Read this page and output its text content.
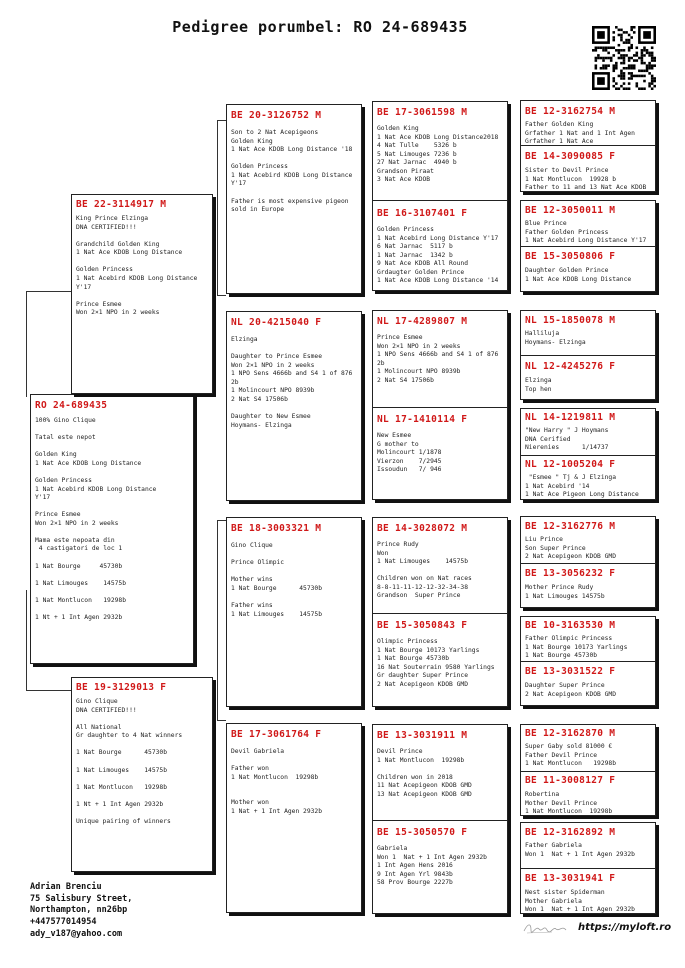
Pedigree porumbel: RO 24-689435
RO 24-689435
100% Gino Clique

Tatal este nepot

Golden King
1 Nat Ace KDOB Long Distance

Golden Princess
1 Nat Acebird KDOB Long Distance
Y'17

Prince Esmee
Won 2×1 NPO in 2 weeks

Mama este nepoata din
4 castigatori de loc 1

1 Nat Bourge     45730b

1 Nat Limouges    14575b

1 Nat Montlucon   19298b

1 Nt + 1 Int Agen 2932b
BE 22-3114917 M
King Prince Elzinga
DNA CERTIFIED!!!

Grandchild Golden King
1 Nat Ace KDOB Long Distance

Golden Princess
1 Nat Acebird KDOB Long Distance
Y'17

Prince Esmee
Won 2×1 NPO in 2 weeks
BE 19-3129013 F
Gino Clique
DNA CERTIFIED!!!

All National
Gr daughter to 4 Nat winners

1 Nat Bourge      45730b

1 Nat Limouges    14575b

1 Nat Montlucon   19298b

1 Nt + 1 Int Agen 2932b

Unique pairing of winners
BE 20-3126752 M
Son to 2 Nat Acepigeons
Golden King
1 Nat Ace KDOB Long Distance '18

Golden Princess
1 Nat Acebird KDOB Long Distance
Y'17

Father is most expensive pigeon
sold in Europe
NL 20-4215040 F
Elzinga

Daughter to Prince Esmee
Won 2×1 NPO in 2 weeks
1 NPO Sens 4666b and S4 1 of 876
2b
1 Molincourt NPO 8939b
2 Nat S4 17506b

Daughter to New Esmee
Hoymans- Elzinga
BE 18-3003321 M
Gino Clique

Prince Olimpic

Mother wins
1 Nat Bourge      45730b

Father wins
1 Nat Limouges    14575b
BE 17-3061764 F
Devil Gabriela

Father won
1 Nat Montlucon  19298b

Mother won
1 Nat + 1 Int Agen 2932b
BE 17-3061598 M
Golden King
1 Nat Ace KDOB Long Distance2018
4 Nat Tulle    5326 b
5 Nat Limouges 7236 b
27 Nat Jarnac  4940 b
Grandson Piraat
3 Nat Ace KDOB
BE 16-3107401 F
Golden Princess
1 Nat Acebird Long Distance Y'17
6 Nat Jarnac  5117 b
1 Nat Jarnac  1342 b
9 Nat Ace KDOB All Round
Grdaugter Golden Prince
1 Nat Ace KDOB Long Distance '14
NL 17-4289807 M
Prince Esmee
Won 2×1 NPO in 2 weeks
1 NPO Sens 4666b and S4 1 of 876
2b
1 Molincourt NPO 8939b
2 Nat S4 17506b
NL 17-1410114 F
New Esmee
G mother to
Molincourt 1/1878
Vierzon    7/2945
Issoudun   7/ 946
BE 14-3028072 M
Prince Rudy
Won
1 Nat Limouges    14575b

Children won on Nat races
8-8-11-11-12-12-32-34-38
Grandson  Super Prince
BE 15-3050843 F
Olimpic Princess
1 Nat Bourge 10173 Yarlings
1 Nat Bourge 45730b
16 Nat Souterrain 9580 Yarlings
Gr daughter Super Prince
2 Nat Acepigeon KDOB GMD
BE 13-3031911 M
Devil Prince
1 Nat Montlucon  19298b

Children won in 2018
11 Nat Acepigeon KDOB GMD
13 Nat Acepigeon KDOB GMD
BE 15-3050570 F
Gabriela
Won 1  Nat + 1 Int Agen 2932b
1 Int Agen Hens 2016
9 Int Agen Yrl 9843b
58 Prov Bourge 2227b
BE 12-3162754 M
Father Golden King
Grfather 1 Nat and 1 Int Agen
Grfather 1 Nat Ace
BE 14-3090085 F
Sister to Devil Prince
1 Nat Montlucon  19928 b
Father to 11 and 13 Nat Ace KDOB
BE 12-3050011 M
Blue Prince
Father Golden Princess
1 Nat Acebird Long Distance Y'17
BE 15-3050806 F
Daughter Golden Prince
1 Nat Ace KDOB Long Distance
NL 15-1850078 M
Halliluja
Hoymans- Elzinga
NL 12-4245276 F
Elzinga
Top hen
NL 14-1219811 M
"New Harry " J Hoymans
DNA Cerified
Nierenies      1/14737
NL 12-1005204 F
"Esmee " Tj & J Elzinga
1 Nat Acebird '14
1 Nat Ace Pigeon Long Distance
BE 12-3162776 M
Liu Prince
Son Super Prince
2 Nat Acepigeon KDOB GMD
BE 13-3056232 F
Mother Prince Rudy
1 Nat Limouges 14575b
BE 10-3163530 M
Father Olimpic Princess
1 Nat Bourge 10173 Yarlings
1 Nat Bourge 45730b
BE 13-3031522 F
Daughter Super Prince
2 Nat Acepigeon KDOB GMD
BE 12-3162870 M
Super Gaby sold 81000 €
Father Devil Prince
1 Nat Montlucon   19298b
BE 11-3008127 F
Robertina
Mother Devil Prince
1 Nat Montlucon  19298b
BE 12-3162892 M
Father Gabriela
Won 1  Nat + 1 Int Agen 2932b
BE 13-3031941 F
Nest sister Spiderman
Mother Gabriela
Won 1  Nat + 1 Int Agen 2932b
Adrian Brenciu
75 Salisbury Street,
Northampton, nn26bp
+447577014954
ady_v187@yahoo.com
https://myloft.ro
